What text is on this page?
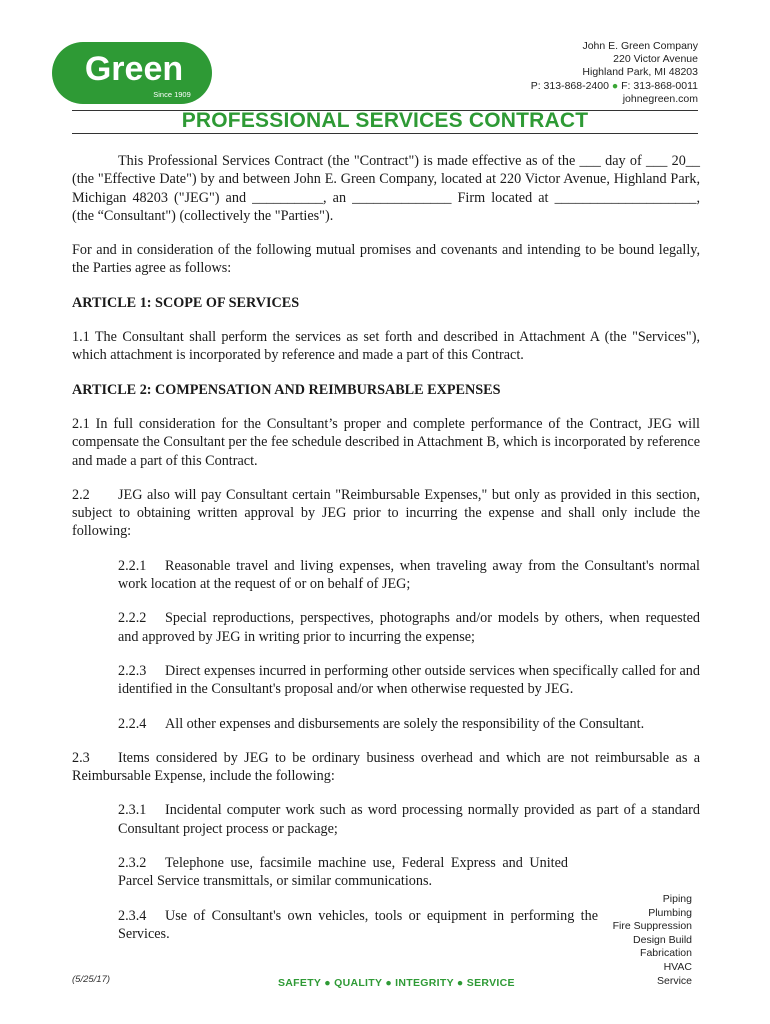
Green
Since 1909
John E. Green Company
220 Victor Avenue
Highland Park, MI 48203
P: 313-868-2400 ● F: 313-868-0011
johnegreen.com
PROFESSIONAL SERVICES CONTRACT

This Professional Services Contract (the "Contract") is made effective as of the ___ day of ___ 20__ (the "Effective Date") by and between John E. Green Company, located at 220 Victor Avenue, Highland Park, Michigan 48203 ("JEG") and __________, an ______________ Firm located at ____________________, (the “Consultant") (collectively the "Parties").

For and in consideration of the following mutual promises and covenants and intending to be bound legally, the Parties agree as follows:

ARTICLE 1: SCOPE OF SERVICES

1.1 The Consultant shall perform the services as set forth and described in Attachment A (the "Services"), which attachment is incorporated by reference and made a part of this Contract.

ARTICLE 2: COMPENSATION AND REIMBURSABLE EXPENSES

2.1 In full consideration for the Consultant’s proper and complete performance of the Contract, JEG will compensate the Consultant per the fee schedule described in Attachment B, which is incorporated by reference and made a part of this Contract.

2.2 JEG also will pay Consultant certain "Reimbursable Expenses," but only as provided in this section, subject to obtaining written approval by JEG prior to incurring the expense and shall only include the following:

2.2.1 Reasonable travel and living expenses, when traveling away from the Consultant's normal work location at the request of or on behalf of JEG;

2.2.2 Special reproductions, perspectives, photographs and/or models by others, when requested and approved by JEG in writing prior to incurring the expense;

2.2.3 Direct expenses incurred in performing other outside services when specifically called for and identified in the Consultant's proposal and/or when otherwise requested by JEG.

2.2.4 All other expenses and disbursements are solely the responsibility of the Consultant.

2.3 Items considered by JEG to be ordinary business overhead and which are not reimbursable as a Reimbursable Expense, include the following:

2.3.1 Incidental computer work such as word processing normally provided as part of a standard Consultant project process or package;

2.3.2 Telephone use, facsimile machine use, Federal Express and United Parcel Service transmittals, or similar communications.

2.3.4 Use of Consultant's own vehicles, tools or equipment in performing the Services.

Piping
Plumbing
Fire Suppression
Design Build
Fabrication
HVAC
Service
(5/25/17)	SAFETY ● QUALITY ● INTEGRITY ● SERVICE
